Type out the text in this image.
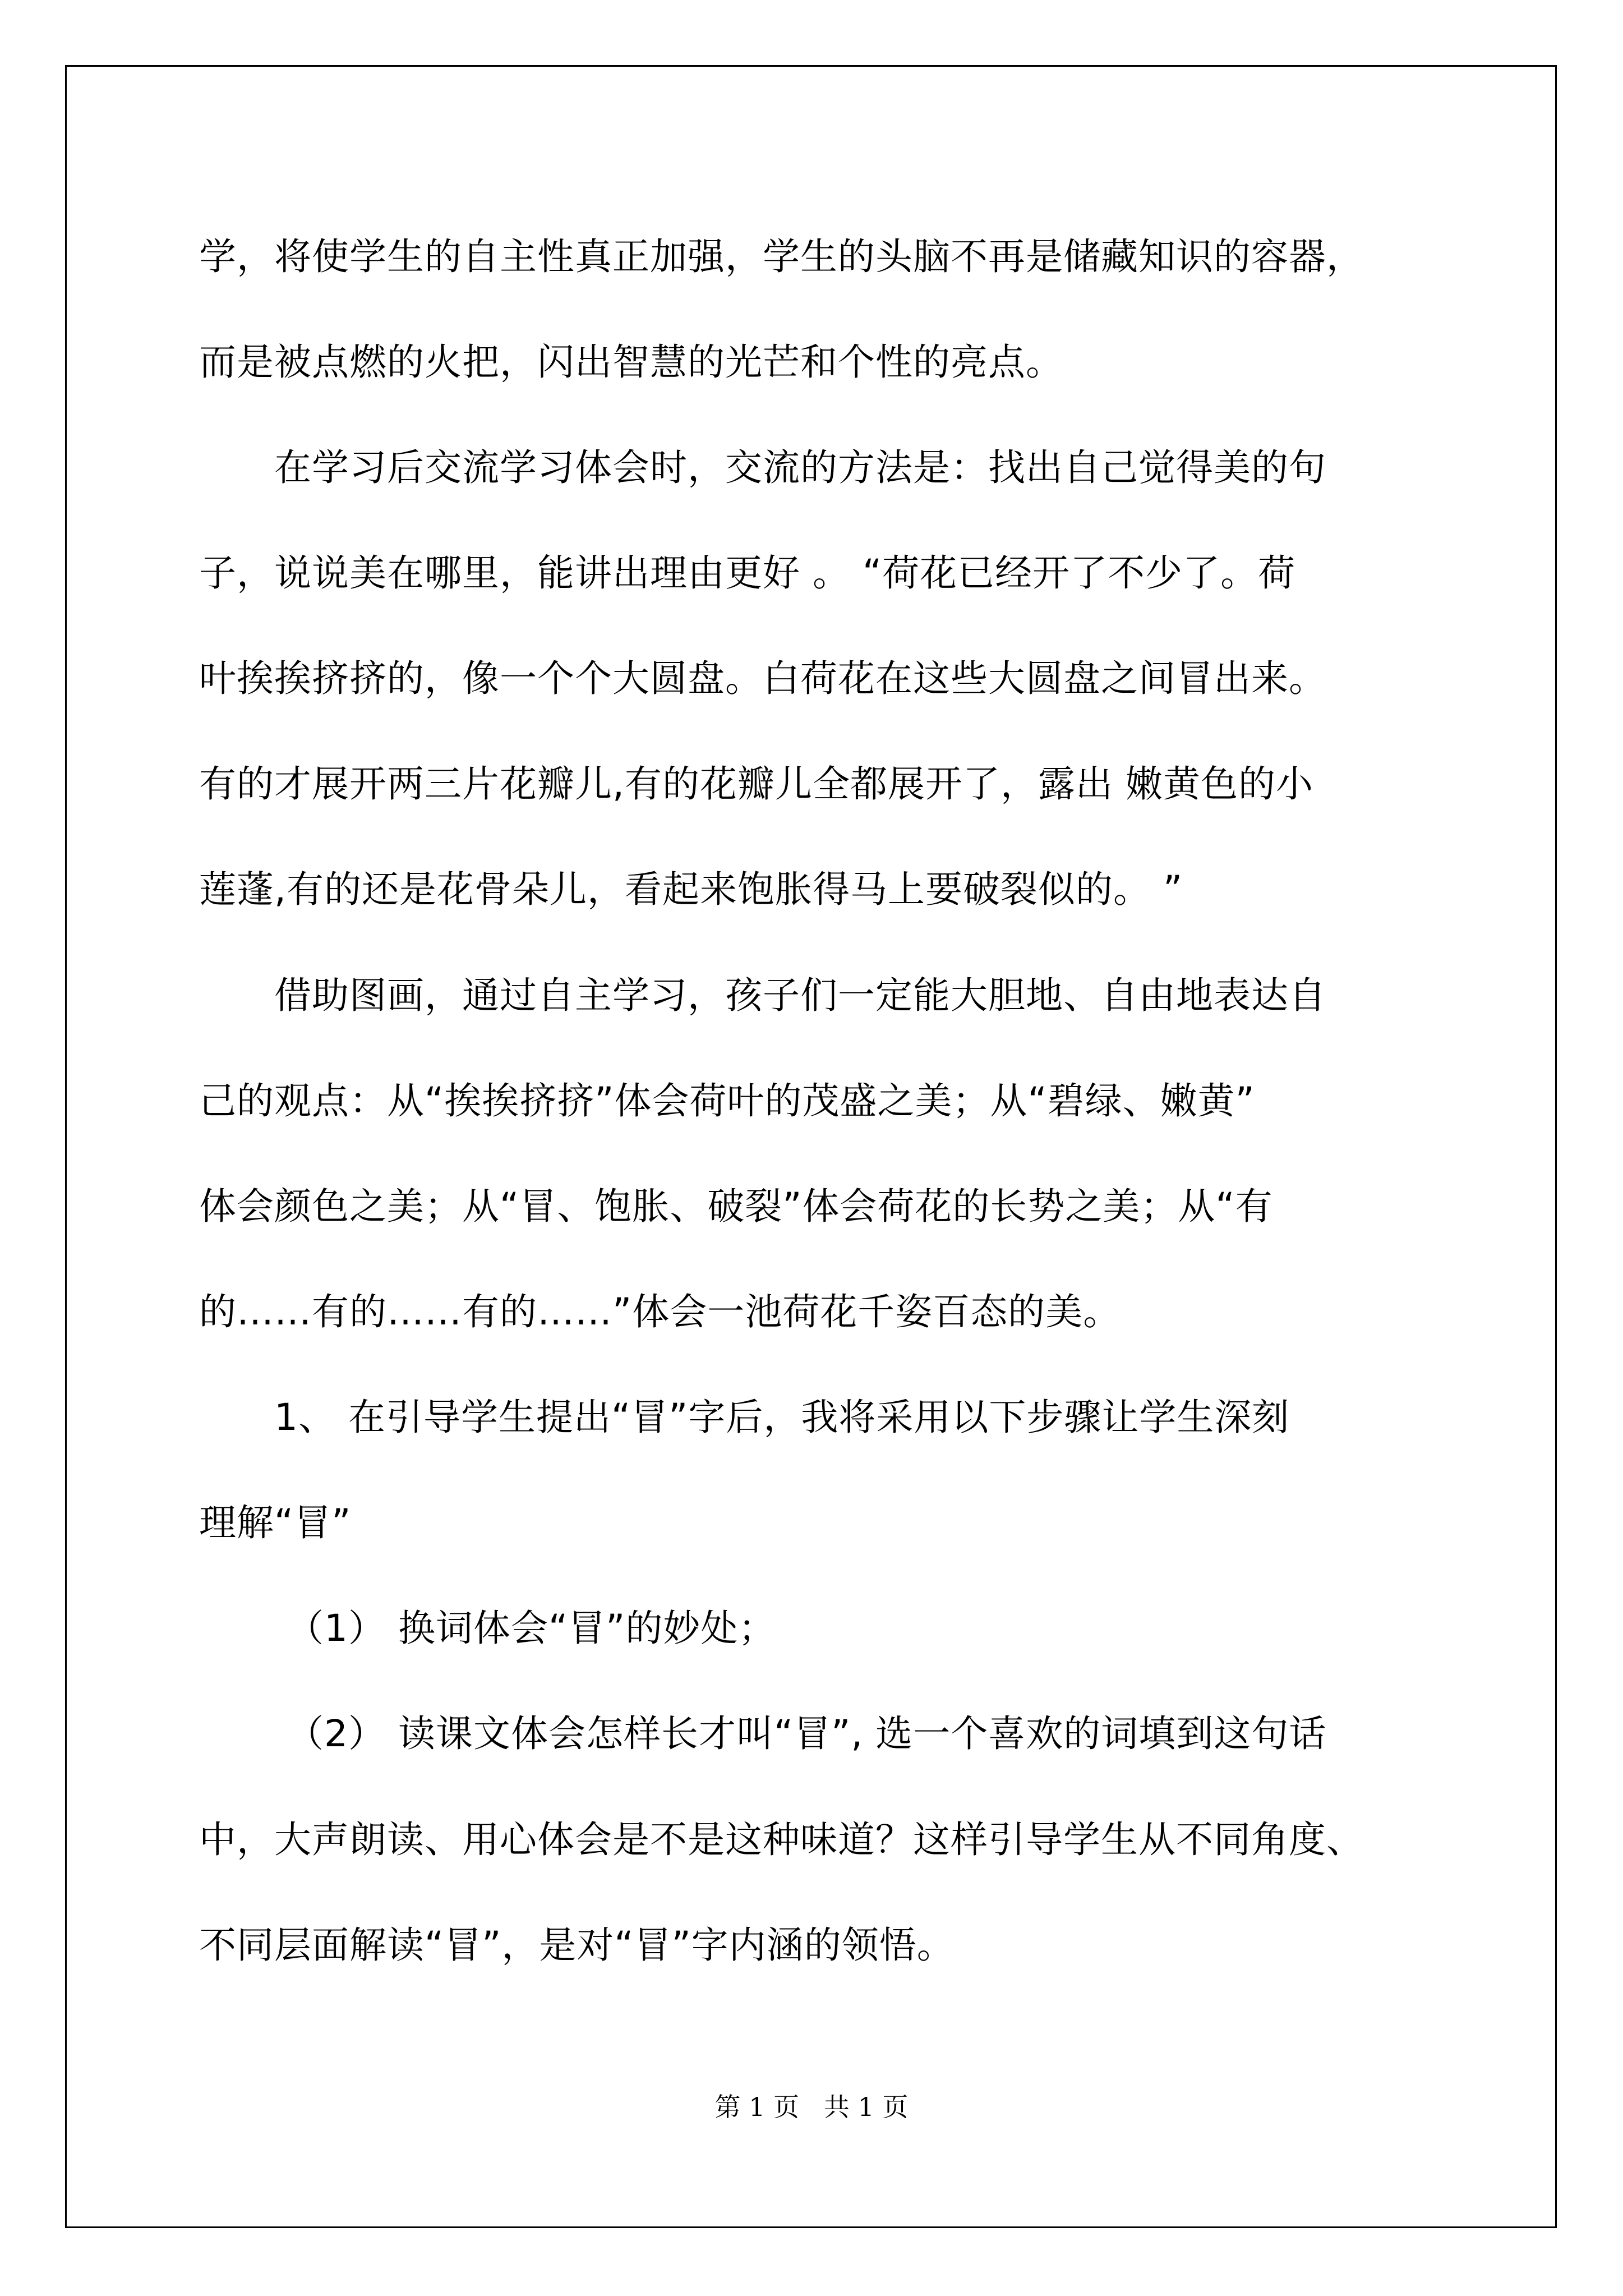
学，将使学生的自主性真正加强，学生的头脑不再是储藏知识的容器，
而是被点燃的火把，闪出智慧的光芒和个性的亮点。
　　在学习后交流学习体会时，交流的方法是：找出自己觉得美的句
子，说说美在哪里，能讲出理由更好 。 “荷花已经开了不少了。荷
叶挨挨挤挤的，像一个个大圆盘。白荷花在这些大圆盘之间冒出来。
有的才展开两三片花瓣儿,有的花瓣儿全都展开了，露出 嫩黄色的小
莲蓬,有的还是花骨朵儿，看起来饱胀得马上要破裂似的。 ”
　　借助图画，通过自主学习，孩子们一定能大胆地、自由地表达自
己的观点：从“挨挨挤挤”体会荷叶的茂盛之美；从“碧绿、嫩黄”
体会颜色之美；从“冒、饱胀、破裂”体会荷花的长势之美；从“有
的……有的……有的……”体会一池荷花千姿百态的美。
　　1、 在引导学生提出“冒”字后，我将采用以下步骤让学生深刻
理解“冒”
　　 （1） 换词体会“冒”的妙处；
　　 （2） 读课文体会怎样长才叫“冒”, 选一个喜欢的词填到这句话
中，大声朗读、用心体会是不是这种味道？这样引导学生从不同角度、
不同层面解读“冒”，是对“冒”字内涵的领悟。
第 1 页   共 1 页
